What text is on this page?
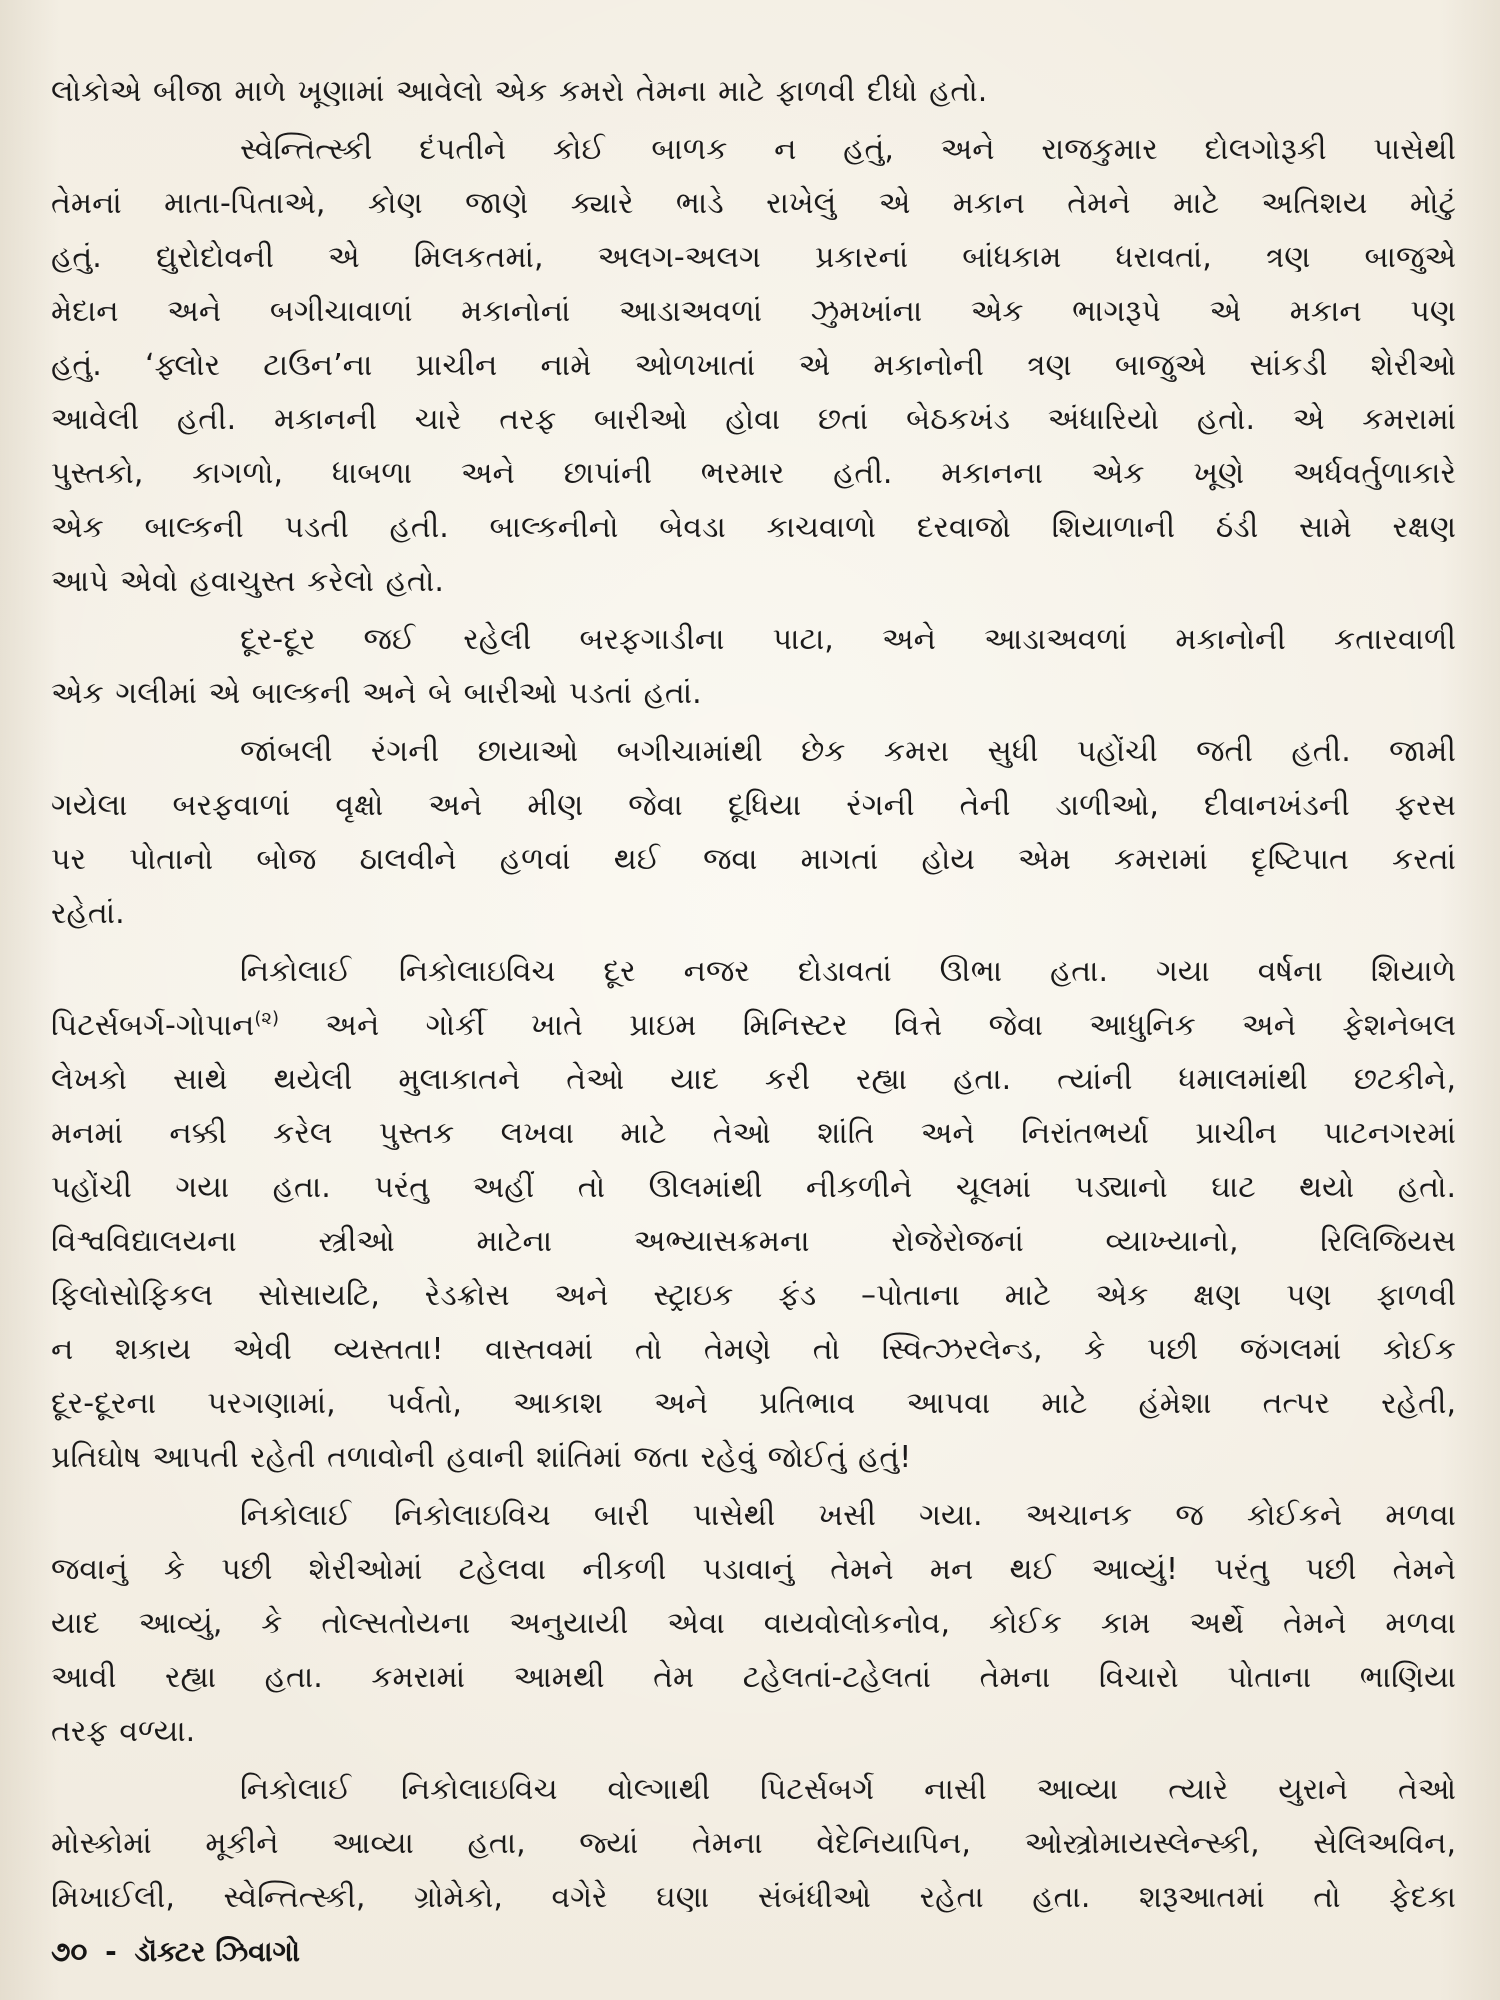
લોકોએ બીજા માળે ખૂણામાં આવેલો એક કમરો તેમના માટે ફાળવી દીધો હતો.
સ્વેન્તિત્સ્કી દંપતીને કોઈ બાળક ન હતું, અને રાજકુમાર દોલગોરૂકી પાસેથી
તેમનાં માતા-પિતાએ, કોણ જાણે ક્યારે ભાડે રાખેલું એ મકાન તેમને માટે અતિશય મોટું
હતું. દ્યુરોદોવની એ મિલકતમાં, અલગ-અલગ પ્રકારનાં બાંધકામ ધરાવતાં, ત્રણ બાજુએ
મેદાન અને બગીચાવાળાં મકાનોનાં આડાઅવળાં ઝુમખાંના એક ભાગરૂપે એ મકાન પણ
હતું. ‘ફ્લોર ટાઉન’ના પ્રાચીન નામે ઓળખાતાં એ મકાનોની ત્રણ બાજુએ સાંકડી શેરીઓ
આવેલી હતી. મકાનની ચારે તરફ બારીઓ હોવા છતાં બેઠકખંડ અંધારિયો હતો. એ કમરામાં
પુસ્તકો, કાગળો, ધાબળા અને છાપાંની ભરમાર હતી. મકાનના એક ખૂણે અર્ધવર્તુળાકારે
એક બાલ્કની પડતી હતી. બાલ્કનીનો બેવડા કાચવાળો દરવાજો શિયાળાની ઠંડી સામે રક્ષણ
આપે એવો હવાચુસ્ત કરેલો હતો.
દૂર-દૂર જઈ રહેલી બરફગાડીના પાટા, અને આડાઅવળાં મકાનોની કતારવાળી
એક ગલીમાં એ બાલ્કની અને બે બારીઓ પડતાં હતાં.
જાંબલી રંગની છાયાઓ બગીચામાંથી છેક કમરા સુધી પહોંચી જતી હતી. જામી
ગયેલા બરફવાળાં વૃક્ષો અને મીણ જેવા દૂધિયા રંગની તેની ડાળીઓ, દીવાનખંડની ફરસ
પર પોતાનો બોજ ઠાલવીને હળવાં થઈ જવા માગતાં હોય એમ કમરામાં દૃષ્ટિપાત કરતાં
રહેતાં.
નિકોલાઈ નિકોલાઇવિચ દૂર નજર દોડાવતાં ઊભા હતા. ગયા વર્ષના શિયાળે
પિટર્સબર્ગ-ગોપાન$^{(૨)}$ અને ગોર્કી ખાતે પ્રાઇમ મિનિસ્ટર વિત્તે જેવા આધુનિક અને ફેશનેબલ
લેખકો સાથે થયેલી મુલાકાતને તેઓ યાદ કરી રહ્યા હતા. ત્યાંની ધમાલમાંથી છટકીને,
મનમાં નક્કી કરેલ પુસ્તક લખવા માટે તેઓ શાંતિ અને નિરાંતભર્યા પ્રાચીન પાટનગરમાં
પહોંચી ગયા હતા. પરંતુ અહીં તો ઊલમાંથી નીકળીને ચૂલમાં પડ્યાનો ઘાટ થયો હતો.
વિશ્વવિદ્યાલયના સ્ત્રીઓ માટેના અભ્યાસક્રમના રોજેરોજનાં વ્યાખ્યાનો, રિલિજિયસ
ફિલોસોફિકલ સોસાયટિ, રેડક્રોસ અને સ્ટ્રાઇક ફંડ –પોતાના માટે એક ક્ષણ પણ ફાળવી
ન શકાય એવી વ્યસ્તતા! વાસ્તવમાં તો તેમણે તો સ્વિત્ઝરલેન્ડ, કે પછી જંગલમાં કોઈક
દૂર-દૂરના પરગણામાં, પર્વતો, આકાશ અને પ્રતિભાવ આપવા માટે હંમેશા તત્પર રહેતી,
પ્રતિઘોષ આપતી રહેતી તળાવોની હવાની શાંતિમાં જતા રહેવું જોઈતું હતું!
નિકોલાઈ નિકોલાઇવિચ બારી પાસેથી ખસી ગયા. અચાનક જ કોઈકને મળવા
જવાનું કે પછી શેરીઓમાં ટહેલવા નીકળી પડાવાનું તેમને મન થઈ આવ્યું! પરંતુ પછી તેમને
યાદ આવ્યું, કે તોલ્સતોયના અનુયાયી એવા વાયવોલોકનોવ, કોઈક કામ અર્થે તેમને મળવા
આવી રહ્યા હતા. કમરામાં આમથી તેમ ટહેલતાં-ટહેલતાં તેમના વિચારો પોતાના ભાણિયા
તરફ વળ્યા.
નિકોલાઈ નિકોલાઇવિચ વોલ્ગાથી પિટર્સબર્ગ નાસી આવ્યા ત્યારે યુરાને તેઓ
મોસ્કોમાં મૂકીને આવ્યા હતા, જ્યાં તેમના વેદેનિયાપિન, ઓસ્ત્રોમાયસ્લેન્સ્કી, સેલિઅવિન,
મિખાઈલી, સ્વેન્તિત્સ્કી, ગ્રોમેકો, વગેરે ઘણા સંબંધીઓ રહેતા હતા. શરૂઆતમાં તો ફેદકા
૭૦ - ડૉક્ટર ઝિવાગો
